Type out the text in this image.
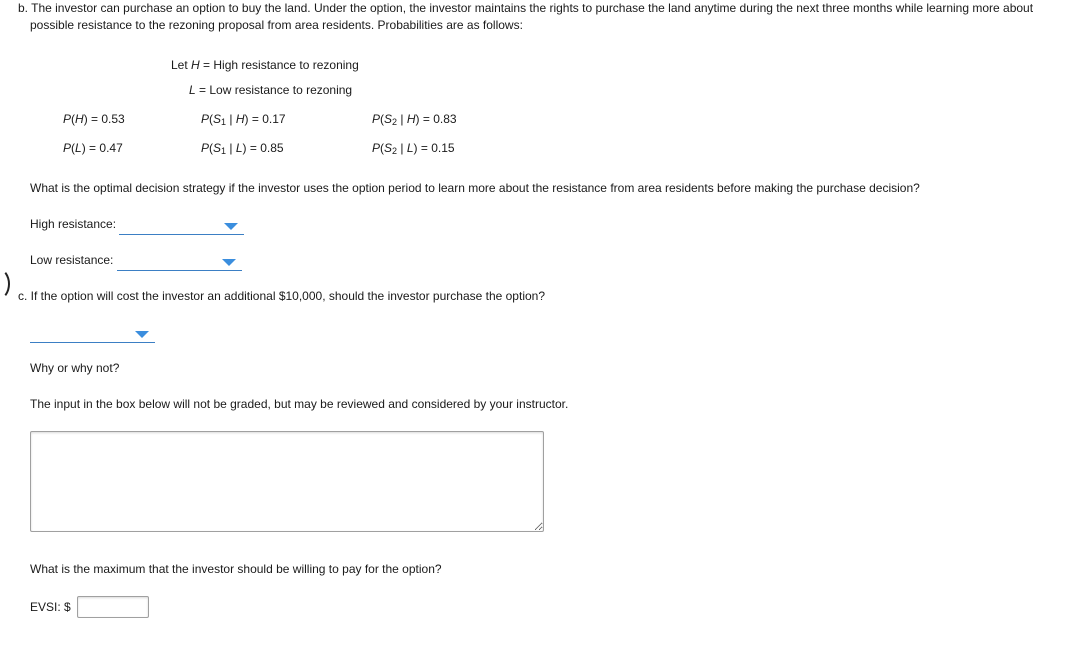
b. The investor can purchase an option to buy the land. Under the option, the investor maintains the rights to purchase the land anytime during the next three months while learning more about
possible resistance to the rezoning proposal from area residents. Probabilities are as follows:
Let H = High resistance to rezoning
L = Low resistance to rezoning
P(H) = 0.53
P(L) = 0.47
$P(S_1$ | H) = 0.17
$P(S_1$ | L) = 0.85
$P(S_2$ | H) = 0.83
$P(S_2$ | L) = 0.15
What is the optimal decision strategy if the investor uses the option period to learn more about the resistance from area residents before making the purchase decision?
High resistance:
Low resistance:
c. If the option will cost the investor an additional $10,000, should the investor purchase the option?
Why or why not?
The input in the box below will not be graded, but may be reviewed and considered by your instructor.
What is the maximum that the investor should be willing to pay for the option?
EVSI: $
